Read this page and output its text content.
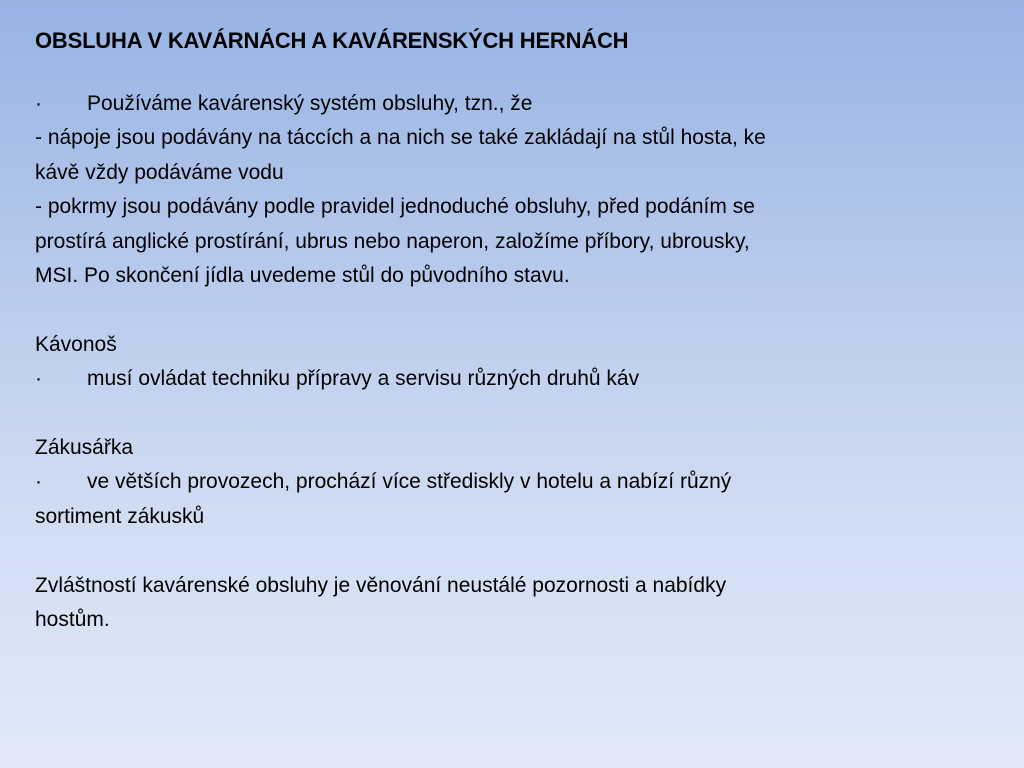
OBSLUHA V KAVÁRNÁCH A KAVÁRENSKÝCH HERNÁCH
·	Používáme kavárenský systém obsluhy, tzn., že

- nápoje jsou podávány na táccích a na nich se také zakládají na stůl hosta, ke

kávě vždy podáváme vodu

- pokrmy jsou podávány podle pravidel jednoduché obsluhy, před podáním se

prostírá anglické prostírání, ubrus nebo naperon, založíme příbory, ubrousky,

MSI. Po skončení jídla uvedeme stůl do původního stavu.

Kávonoš

·	musí ovládat techniku přípravy a servisu různých druhů káv

Zákusářka

·	ve větších provozech, prochází více střediskly v hotelu a nabízí různý

sortiment zákusků

Zvláštností kavárenské obsluhy je věnování neustálé pozornosti a nabídky

hostům.
